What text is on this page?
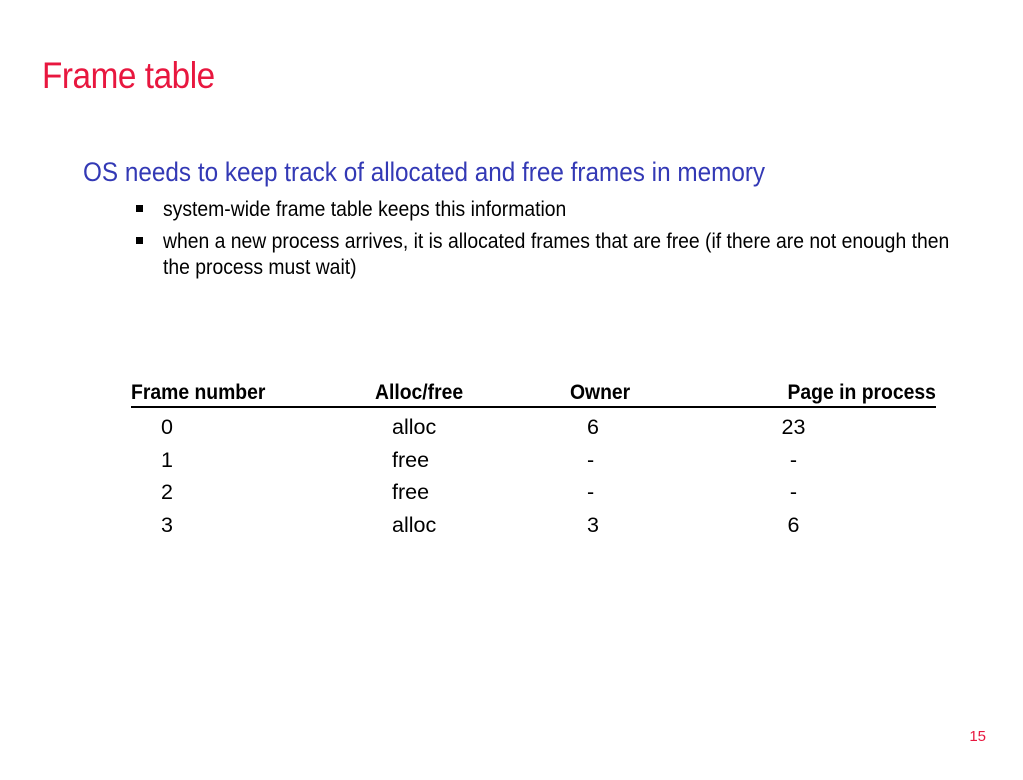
Frame table
OS needs to keep track of allocated and free frames in memory
system-wide frame table keeps this information
when a new process arrives, it is allocated frames that are free (if there are not enough then the process must wait)
Frame number	Alloc/free	Owner	Page in process
0	alloc	6	23
1	free	-	-
2	free	-	-
3	alloc	3	6
15
